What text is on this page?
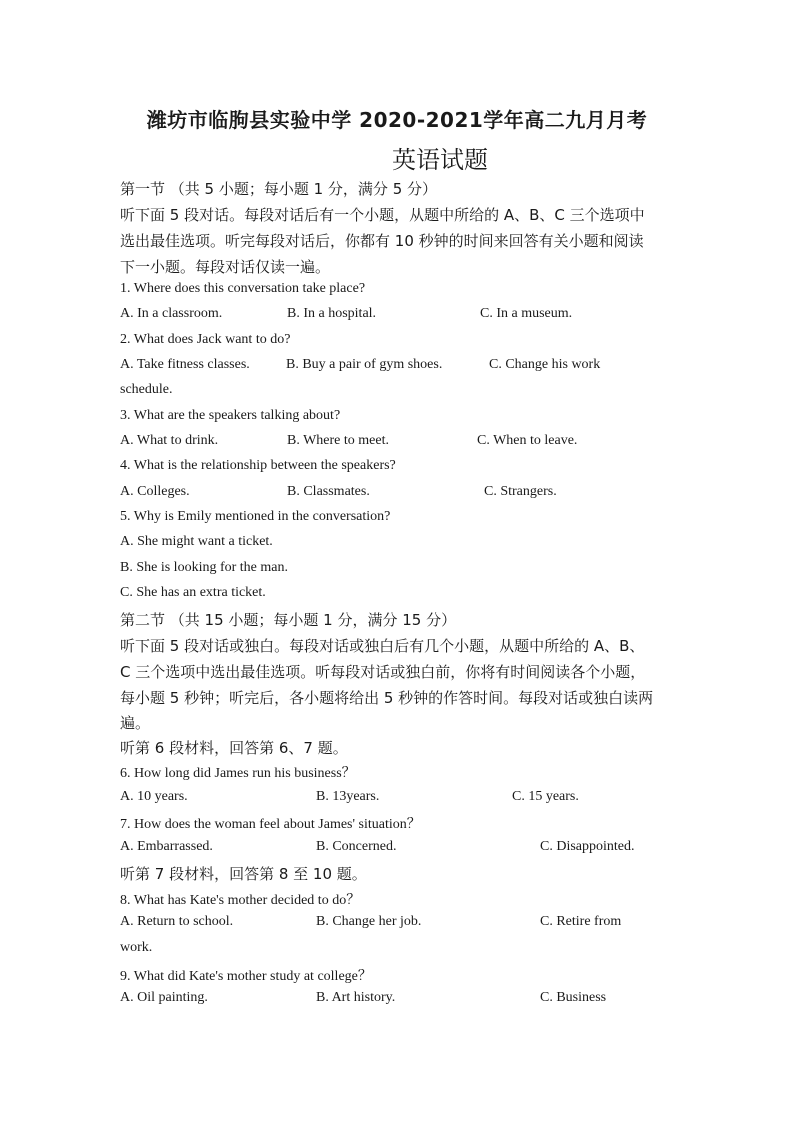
潍坊市临朐县实验中学 2020-2021学年高二九月月考
英语试题
第一节 （共 5 小题；每小题 1 分，满分 5 分）
听下面 5 段对话。每段对话后有一个小题，从题中所给的 A、B、C 三个选项中
选出最佳选项。听完每段对话后，你都有 10 秒钟的时间来回答有关小题和阅读
下一小题。每段对话仅读一遍。
1. Where does this conversation take place?
A. In a classroom.	B. In a hospital.	C. In a museum.
2. What does Jack want to do?
A. Take fitness classes.	B. Buy a pair of gym shoes.	C. Change his work
schedule.
3. What are the speakers talking about?
A. What to drink.	B. Where to meet.	C. When to leave.
4. What is the relationship between the speakers?
A. Colleges.	B. Classmates.	C. Strangers.
5. Why is Emily mentioned in the conversation?
A. She might want a ticket.
B. She is looking for the man.
C. She has an extra ticket.
第二节 （共 15 小题；每小题 1 分，满分 15 分）
听下面 5 段对话或独白。每段对话或独白后有几个小题，从题中所给的 A、B、
C 三个选项中选出最佳选项。听每段对话或独白前，你将有时间阅读各个小题，
每小题 5 秒钟；听完后，各小题将给出 5 秒钟的作答时间。每段对话或独白读两
遍。
听第 6 段材料，回答第 6、7 题。
6. How long did James run his business？
A. 10 years.	B. 13years.	C. 15 years.
7. How does the woman feel about James' situation？
A. Embarrassed.	B. Concerned.	C. Disappointed.
听第 7 段材料，回答第 8 至 10 题。
8. What has Kate's mother decided to do？
A. Return to school.	B. Change her job.	C. Retire from
work.
9. What did Kate's mother study at college？
A. Oil painting.	B. Art history.	C. Business
